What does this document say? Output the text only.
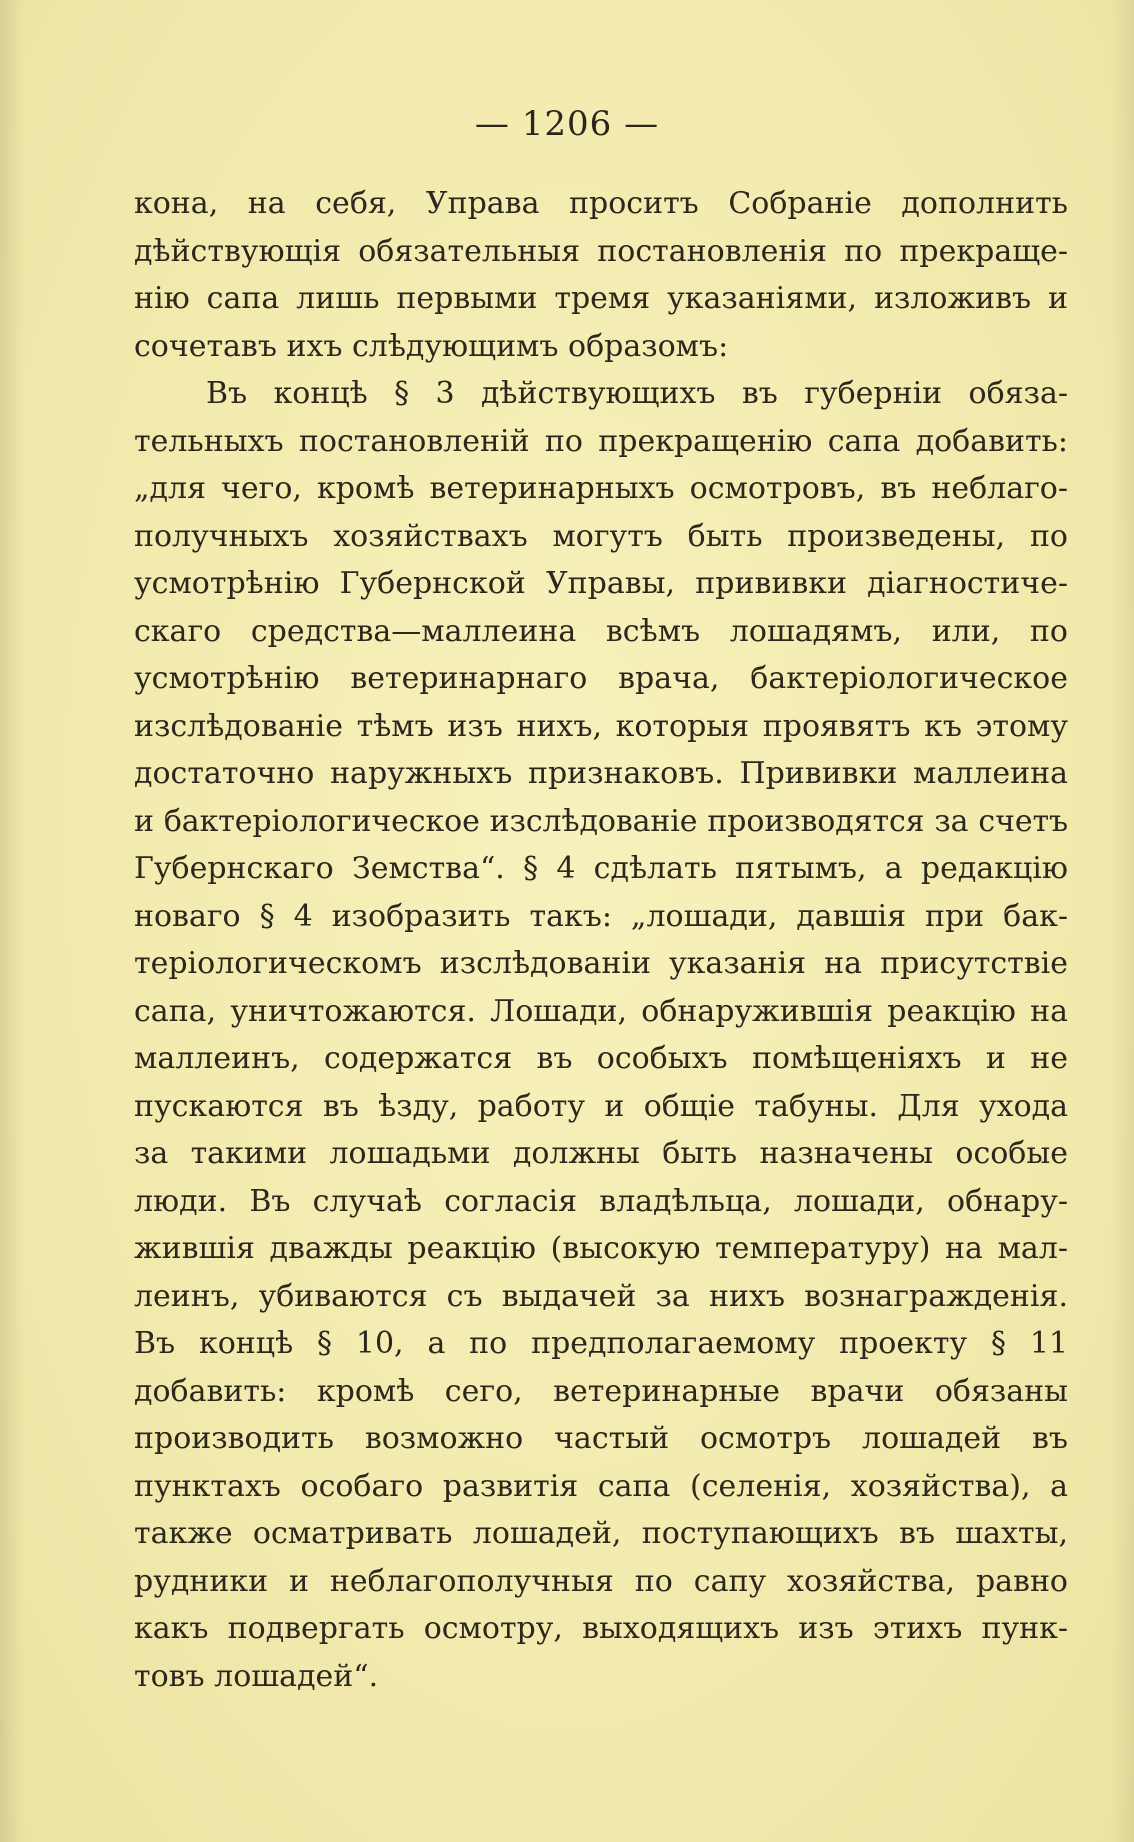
— 1206 —
кона, на себя, Управа проситъ Собраніе дополнить
дѣйствующія обязательныя постановленія по прекраще-
нію сапа лишь первыми тремя указаніями, изложивъ и
сочетавъ ихъ слѣдующимъ образомъ:
Въ концѣ § 3 дѣйствующихъ въ губерніи обяза-
тельныхъ постановленій по прекращенію сапа добавить:
„для чего, кромѣ ветеринарныхъ осмотровъ, въ неблаго-
получныхъ хозяйствахъ могутъ быть произведены, по
усмотрѣнію Губернской Управы, прививки діагностиче-
скаго средства—маллеина всѣмъ лошадямъ, или, по
усмотрѣнію ветеринарнаго врача, бактеріологическое
изслѣдованіе тѣмъ изъ нихъ, которыя проявятъ къ этому
достаточно наружныхъ признаковъ. Прививки маллеина
и бактеріологическое изслѣдованіе производятся за счетъ
Губернскаго Земства“. § 4 сдѣлать пятымъ, а редакцію
новаго § 4 изобразить такъ: „лошади, давшія при бак-
теріологическомъ изслѣдованіи указанія на присутствіе
сапа, уничтожаются. Лошади, обнаружившія реакцію на
маллеинъ, содержатся въ особыхъ помѣщеніяхъ и не
пускаются въ ѣзду, работу и общіе табуны. Для ухода
за такими лошадьми должны быть назначены особые
люди. Въ случаѣ согласія владѣльца, лошади, обнару-
жившія дважды реакцію (высокую температуру) на мал-
леинъ, убиваются съ выдачей за нихъ вознагражденія.
Въ концѣ § 10, а по предполагаемому проекту § 11
добавить: кромѣ сего, ветеринарные врачи обязаны
производить возможно частый осмотръ лошадей въ
пунктахъ особаго развитія сапа (селенія, хозяйства), а
также осматривать лошадей, поступающихъ въ шахты,
рудники и неблагополучныя по сапу хозяйства, равно
какъ подвергать осмотру, выходящихъ изъ этихъ пунк-
товъ лошадей“.
